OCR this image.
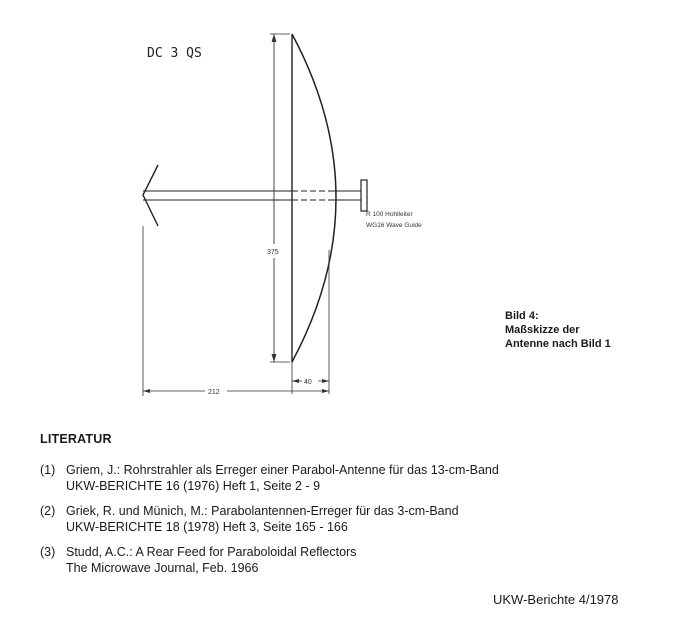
DC 3 QS
R 100 Hohlleiter
WG16 Wave Guide
375
40
212
Bild 4:
Maßskizze der
Antenne nach Bild 1
LITERATUR
(1) Griem, J.: Rohrstrahler als Erreger einer Parabol-Antenne für das 13-cm-Band
UKW-BERICHTE 16 (1976) Heft 1, Seite 2 - 9
(2) Griek, R. und Münich, M.: Parabolantennen-Erreger für das 3-cm-Band
UKW-BERICHTE 18 (1978) Heft 3, Seite 165 - 166
(3) Studd, A.C.: A Rear Feed for Paraboloidal Reflectors
The Microwave Journal, Feb. 1966
UKW-Berichte 4/1978
